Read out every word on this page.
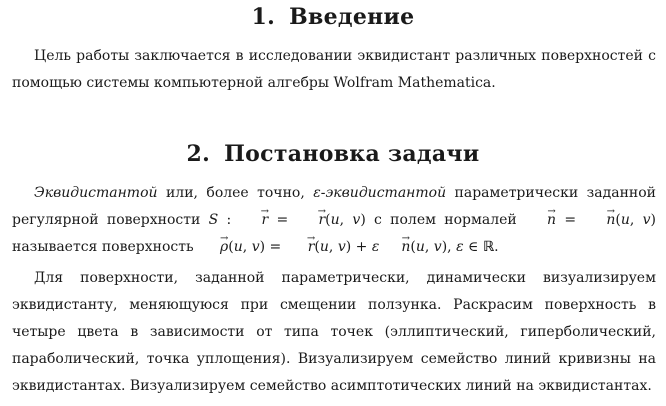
1. Введение

Цель работы заключается в исследовании эквидистант различных поверхностей с помощью системы компьютерной алгебры Wolfram Mathematica.

2. Постановка задачи

Эквидистантой или, более точно, ε-эквидистантой параметрически заданной регулярной поверхности S : → r = → r(u, v) с полем нормалей → n = → n(u, v) называется поверхность → ρ(u, v) = → r(u, v) + ε→ n(u, v), ε ∈ ℝ.

Для поверхности, заданной параметрически, динамически визуализируем эквидистанту, меняющуюся при смещении ползунка. Раскрасим поверхность в четыре цвета в зависимости от типа точек (эллиптический, гиперболический, параболический, точка уплощения). Визуализируем семейство линий кривизны на эквидистантах. Визуализируем семейство асимптотических линий на эквидистантах.
